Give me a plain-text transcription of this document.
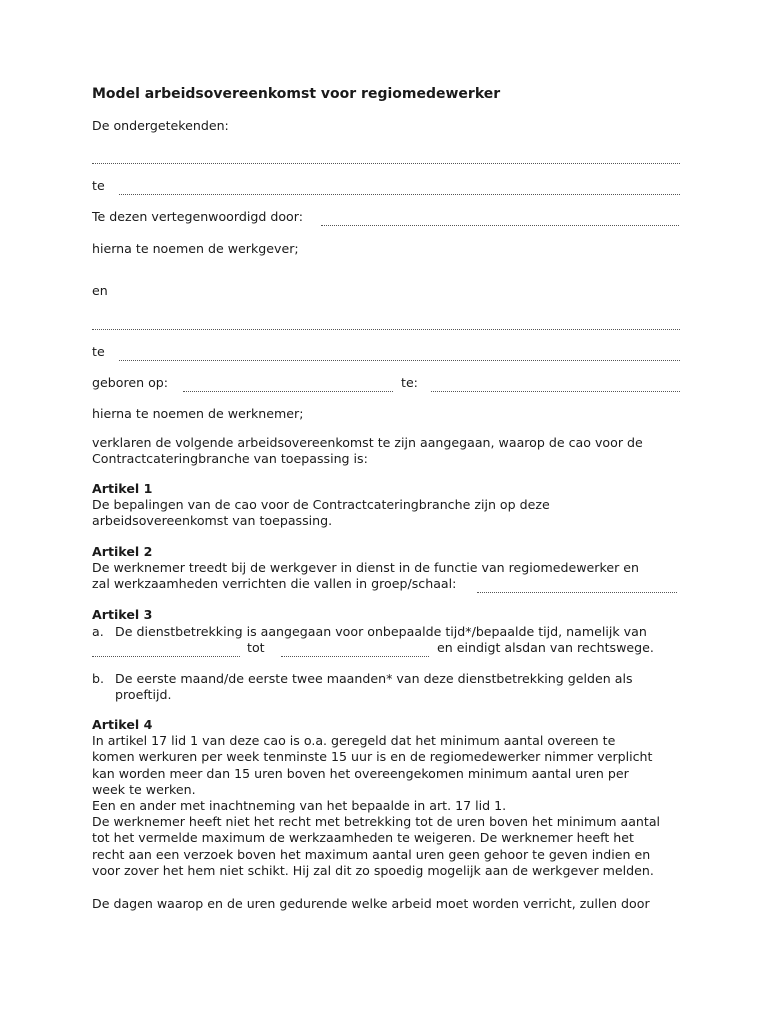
Model arbeidsovereenkomst voor regiomedewerker
De ondergetekenden:
te
Te dezen vertegenwoordigd door:
hierna te noemen de werkgever;
en
te
geboren op:	te:
hierna te noemen de werknemer;
verklaren de volgende arbeidsovereenkomst te zijn aangegaan, waarop de cao voor de
Contractcateringbranche van toepassing is:
Artikel 1
De bepalingen van de cao voor de Contractcateringbranche zijn op deze
arbeidsovereenkomst van toepassing.
Artikel 2
De werknemer treedt bij de werkgever in dienst in de functie van regiomedewerker en
zal werkzaamheden verrichten die vallen in groep/schaal:
Artikel 3
a. De dienstbetrekking is aangegaan voor onbepaalde tijd*/bepaalde tijd, namelijk van
tot	en eindigt alsdan van rechtswege.
b. De eerste maand/de eerste twee maanden* van deze dienstbetrekking gelden als
proeftijd.
Artikel 4
In artikel 17 lid 1 van deze cao is o.a. geregeld dat het minimum aantal overeen te
komen werkuren per week tenminste 15 uur is en de regiomedewerker nimmer verplicht
kan worden meer dan 15 uren boven het overeengekomen minimum aantal uren per
week te werken.
Een en ander met inachtneming van het bepaalde in art. 17 lid 1.
De werknemer heeft niet het recht met betrekking tot de uren boven het minimum aantal
tot het vermelde maximum de werkzaamheden te weigeren. De werknemer heeft het
recht aan een verzoek boven het maximum aantal uren geen gehoor te geven indien en
voor zover het hem niet schikt. Hij zal dit zo spoedig mogelijk aan de werkgever melden.
De dagen waarop en de uren gedurende welke arbeid moet worden verricht, zullen door
